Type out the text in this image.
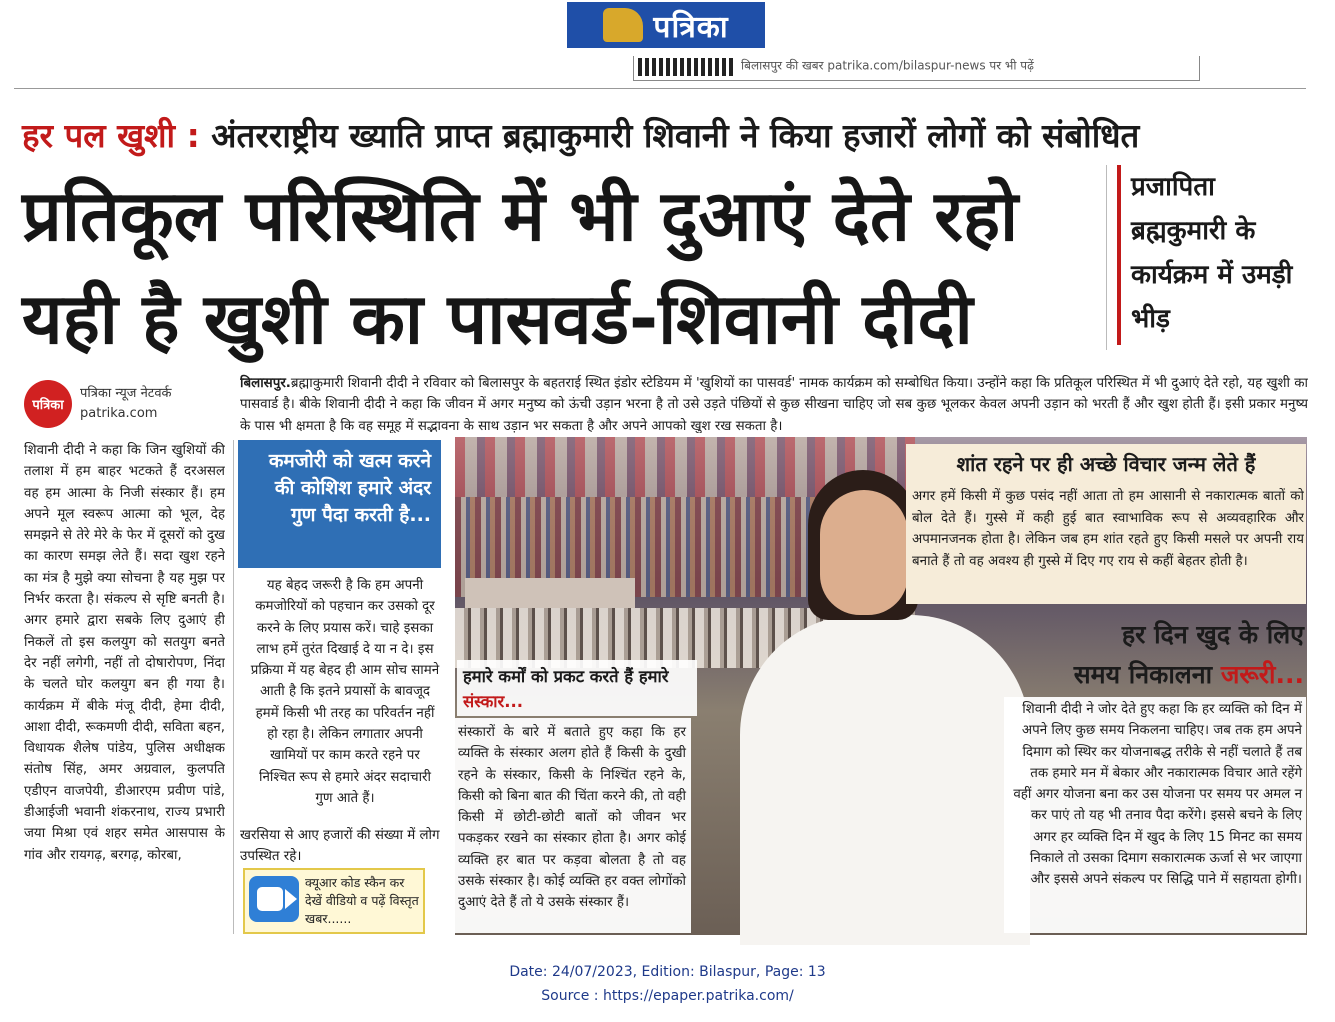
पत्रिका
बिलासपुर की खबर patrika.com/bilaspur-news पर भी पढ़ें
हर पल खुशी : अंतरराष्ट्रीय ख्याति प्राप्त ब्रह्माकुमारी शिवानी ने किया हजारों लोगों को संबोधित
प्रतिकूल परिस्थिति में भी दुआएं देते रहो
यही है खुशी का पासवर्ड-शिवानी दीदी
प्रजापिता ब्रह्मकुमारी के कार्यक्रम में उमड़ी भीड़
पत्रिका
पत्रिका न्यूज नेटवर्क
patrika.com
बिलासपुर.ब्रह्माकुमारी शिवानी दीदी ने रविवार को बिलासपुर के बहतराई स्थित इंडोर स्टेडियम में 'खुशियों का पासवर्ड' नामक कार्यक्रम को सम्बोधित किया। उन्होंने कहा कि प्रतिकूल परिस्थित में भी दुआएं देते रहो, यह खुशी का पासवार्ड है। बीके शिवानी दीदी ने कहा कि जीवन में अगर मनुष्य को ऊंची उड़ान भरना है तो उसे उड़ते पंछियों से कुछ सीखना चाहिए जो सब कुछ भूलकर केवल अपनी उड़ान को भरती हैं और खुश होती हैं। इसी प्रकार मनुष्य के पास भी क्षमता है कि वह समूह में सद्भावना के साथ उड़ान भर सकता है और अपने आपको खुश रख सकता है।
शिवानी दीदी ने कहा कि जिन खुशियों की तलाश में हम बाहर भटकते हैं दरअसल वह हम आत्मा के निजी संस्कार हैं। हम अपने मूल स्वरूप आत्मा को भूल, देह समझने से तेरे मेरे के फेर में दूसरों को दुख का कारण समझ लेते हैं। सदा खुश रहने का मंत्र है मुझे क्या सोचना है यह मुझ पर निर्भर करता है। संकल्प से सृष्टि बनती है। अगर हमारे द्वारा सबके लिए दुआएं ही निकलें तो इस कलयुग को सतयुग बनते देर नहीं लगेगी, नहीं तो दोषारोपण, निंदा के चलते घोर कलयुग बन ही गया है। कार्यक्रम में बीके मंजू दीदी, हेमा दीदी, आशा दीदी, रूकमणी दीदी, सविता बहन, विधायक शैलेष पांडेय, पुलिस अधीक्षक संतोष सिंह, अमर अग्रवाल, कुलपति एडीएन वाजपेयी, डीआरएम प्रवीण पांडे, डीआईजी भवानी शंकरनाथ, राज्य प्रभारी जया मिश्रा एवं शहर समेत आसपास के गांव और रायगढ़, बरगढ़, कोरबा,
कमजोरी को खत्म करने की कोशिश हमारे अंदर गुण पैदा करती है...
यह बेहद जरूरी है कि हम अपनी कमजोरियों को पहचान कर उसको दूर करने के लिए प्रयास करें। चाहे इसका लाभ हमें तुरंत दिखाई दे या न दे। इस प्रक्रिया में यह बेहद ही आम सोच सामने आती है कि इतने प्रयासों के बावजूद हममें किसी भी तरह का परिवर्तन नहीं हो रहा है। लेकिन लगातार अपनी खामियों पर काम करते रहने पर निश्चित रूप से हमारे अंदर सदाचारी गुण आते हैं।
खरसिया से आए हजारों की संख्या में लोग उपस्थित रहे।
क्यूआर कोड स्कैन कर देखें वीडियो व पढ़ें विस्तृत खबर......
शांत रहने पर ही अच्छे विचार जन्म लेते हैं
अगर हमें किसी में कुछ पसंद नहीं आता तो हम आसानी से नकारात्मक बातों को बोल देते हैं। गुस्से में कही हुई बात स्वाभाविक रूप से अव्यवहारिक और अपमानजनक होता है। लेकिन जब हम शांत रहते हुए किसी मसले पर अपनी राय बनाते हैं तो वह अवश्य ही गुस्से में दिए गए राय से कहीं बेहतर होती है।
हमारे कर्मों को प्रकट करते हैं हमारे संस्कार...
संस्कारों के बारे में बताते हुए कहा कि हर व्यक्ति के संस्कार अलग होते हैं किसी के दुखी रहने के संस्कार, किसी के निश्चिंत रहने के, किसी को बिना बात की चिंता करने की, तो वही किसी में छोटी-छोटी बातों को जीवन भर पकड़कर रखने का संस्कार होता है। अगर कोई व्यक्ति हर बात पर कड़वा बोलता है तो वह उसके संस्कार है। कोई व्यक्ति हर वक्त लोगोंको दुआएं देते हैं तो ये उसके संस्कार हैं।
हर दिन खुद के लिए
समय निकालना जरूरी...
शिवानी दीदी ने जोर देते हुए कहा कि हर व्यक्ति को दिन में अपने लिए कुछ समय निकलना चाहिए। जब तक हम अपने दिमाग को स्थिर कर योजनाबद्ध तरीके से नहीं चलाते हैं तब तक हमारे मन में बेकार और नकारात्मक विचार आते रहेंगे वहीं अगर योजना बना कर उस योजना पर समय पर अमल न कर पाएं तो यह भी तनाव पैदा करेंगे। इससे बचने के लिए अगर हर व्यक्ति दिन में खुद के लिए 15 मिनट का समय निकाले तो उसका दिमाग सकारात्मक ऊर्जा से भर जाएगा और इससे अपने संकल्प पर सिद्धि पाने में सहायता होगी।
Date: 24/07/2023, Edition: Bilaspur, Page: 13
Source : https://epaper.patrika.com/
